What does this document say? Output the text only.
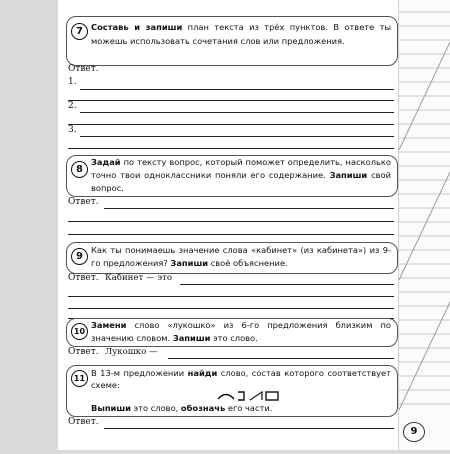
7 Составь и запиши план текста из трёх пунктов. В ответе ты можешь использовать сочетания слов или предложения.
Ответ.
1.
2.
3.
8
Задай по тексту вопрос, который поможет определить, насколько точно твои одноклассники поняли его содержание. Запиши свой вопрос.
Ответ.
9
Как ты понимаешь значение слова «кабинет» (из кабинета») из 9-го предложения? Запиши своё объяснение.
Ответ. Кабинет — это
10
Замени слово «лукошко» из 6-го предложения близким по значению словом. Запиши это слово.
Ответ. Лукошко —
11
В 13-м предложении найди слово, состав которого соответствует схеме:
Выпиши это слово, обозначь его части.
Ответ.
9
